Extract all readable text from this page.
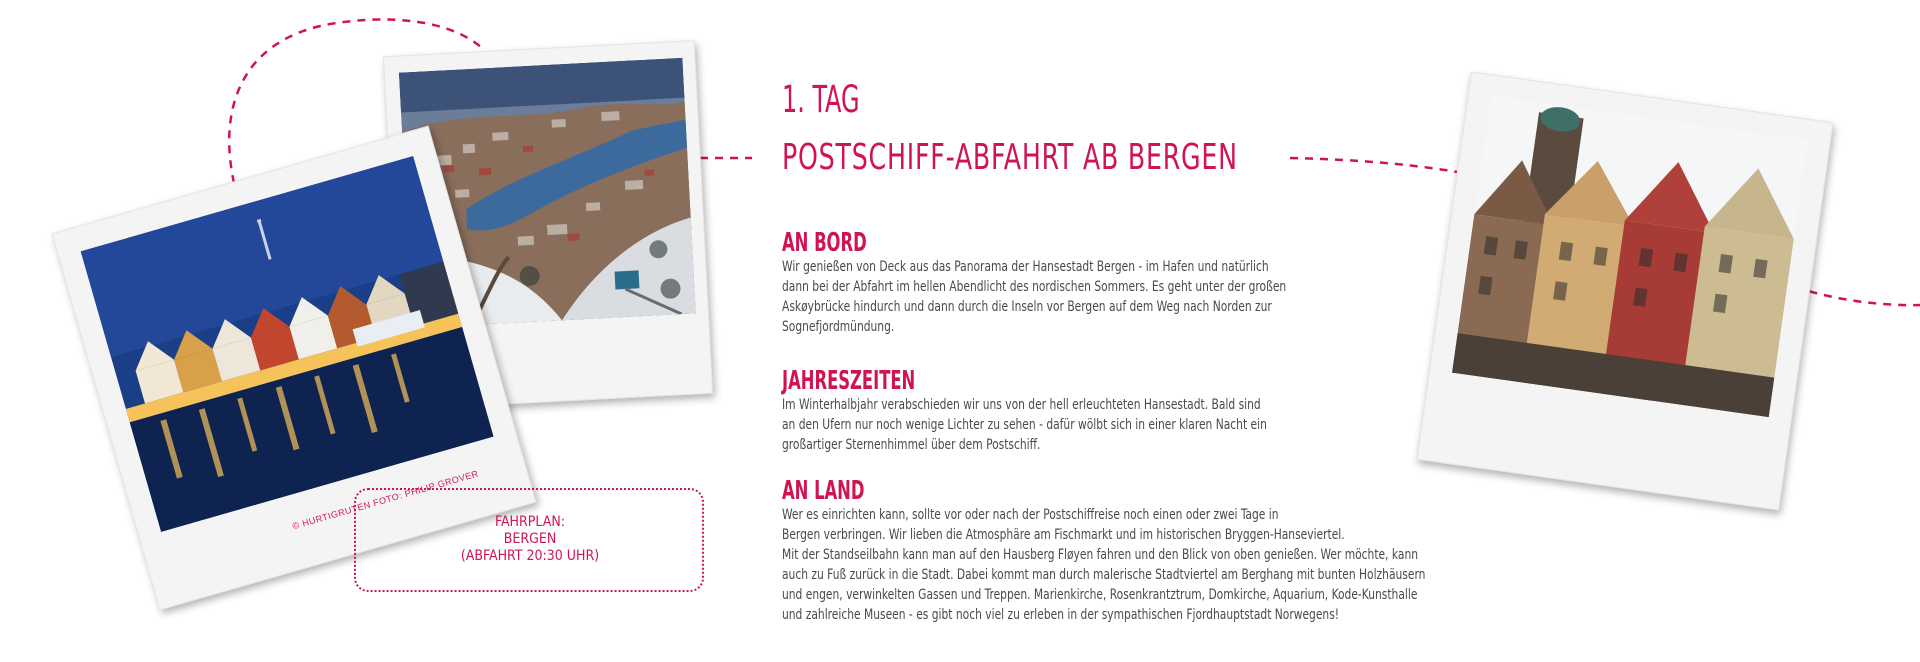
© HURTIGRUTEN FOTO: PHILIP GROVER	FAHRPLAN:
BERGEN
(ABFAHRT 20:30 UHR)
1. TAG
POSTSCHIFF-ABFAHRT AB BERGEN
AN BORD

Wir genießen von Deck aus das Panorama der Hansestadt Bergen - im Hafen und natürlich
dann bei der Abfahrt im hellen Abendlicht des nordischen Sommers. Es geht unter der großen
Askøybrücke hindurch und dann durch die Inseln vor Bergen auf dem Weg nach Norden zur
Sognefjordmündung.

JAHRESZEITEN

Im Winterhalbjahr verabschieden wir uns von der hell erleuchteten Hansestadt. Bald sind
an den Ufern nur noch wenige Lichter zu sehen - dafür wölbt sich in einer klaren Nacht ein
großartiger Sternenhimmel über dem Postschiff.

AN LAND

Wer es einrichten kann, sollte vor oder nach der Postschiffreise noch einen oder zwei Tage in
Bergen verbringen. Wir lieben die Atmosphäre am Fischmarkt und im historischen Bryggen-Hanseviertel.
Mit der Standseilbahn kann man auf den Hausberg Fløyen fahren und den Blick von oben genießen. Wer möchte, kann
auch zu Fuß zurück in die Stadt. Dabei kommt man durch malerische Stadtviertel am Berghang mit bunten Holzhäusern
und engen, verwinkelten Gassen und Treppen. Marienkirche, Rosenkrantztrum, Domkirche, Aquarium, Kode-Kunsthalle
und zahlreiche Museen - es gibt noch viel zu erleben in der sympathischen Fjordhauptstadt Norwegens!
